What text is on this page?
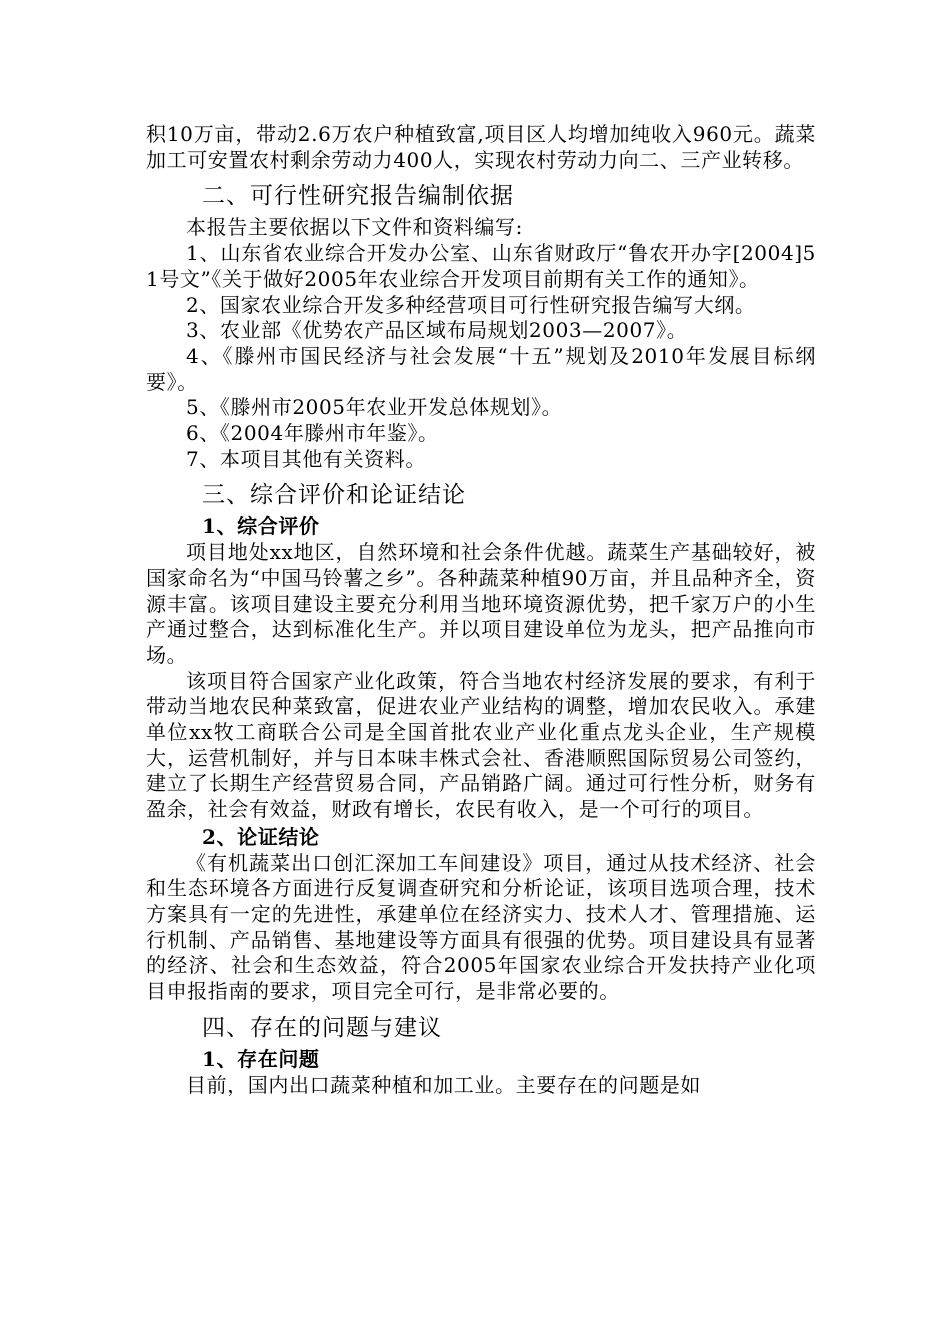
积10万亩，带动2.6万农户种植致富,项目区人均增加纯收入960元。蔬菜加工可安置农村剩余劳动力400人，实现农村劳动力向二、三产业转移。

二、可行性研究报告编制依据

本报告主要依据以下文件和资料编写:

1、山东省农业综合开发办公室、山东省财政厅“鲁农开办字[2004]51号文”《关于做好2005年农业综合开发项目前期有关工作的通知》。

2、国家农业综合开发多种经营项目可行性研究报告编写大纲。

3、农业部《优势农产品区域布局规划2003—2007》。

4、《滕州市国民经济与社会发展“十五”规划及2010年发展目标纲要》。

5、《滕州市2005年农业开发总体规划》。

6、《2004年滕州市年鉴》。

7、本项目其他有关资料。

三、综合评价和论证结论
1、综合评价

项目地处xx地区，自然环境和社会条件优越。蔬菜生产基础较好，被国家命名为“中国马铃薯之乡”。各种蔬菜种植90万亩，并且品种齐全，资源丰富。该项目建设主要充分利用当地环境资源优势，把千家万户的小生产通过整合，达到标准化生产。并以项目建设单位为龙头，把产品推向市场。

该项目符合国家产业化政策，符合当地农村经济发展的要求，有利于带动当地农民种菜致富，促进农业产业结构的调整，增加农民收入。承建单位xx牧工商联合公司是全国首批农业产业化重点龙头企业，生产规模大，运营机制好，并与日本味丰株式会社、香港顺熙国际贸易公司签约，建立了长期生产经营贸易合同，产品销路广阔。通过可行性分析，财务有盈余，社会有效益，财政有增长，农民有收入，是一个可行的项目。

2、论证结论

《有机蔬菜出口创汇深加工车间建设》项目，通过从技术经济、社会和生态环境各方面进行反复调查研究和分析论证，该项目选项合理，技术方案具有一定的先进性，承建单位在经济实力、技术人才、管理措施、运行机制、产品销售、基地建设等方面具有很强的优势。项目建设具有显著的经济、社会和生态效益，符合2005年国家农业综合开发扶持产业化项目申报指南的要求，项目完全可行，是非常必要的。

四、存在的问题与建议
1、存在问题

目前，国内出口蔬菜种植和加工业。主要存在的问题是如
